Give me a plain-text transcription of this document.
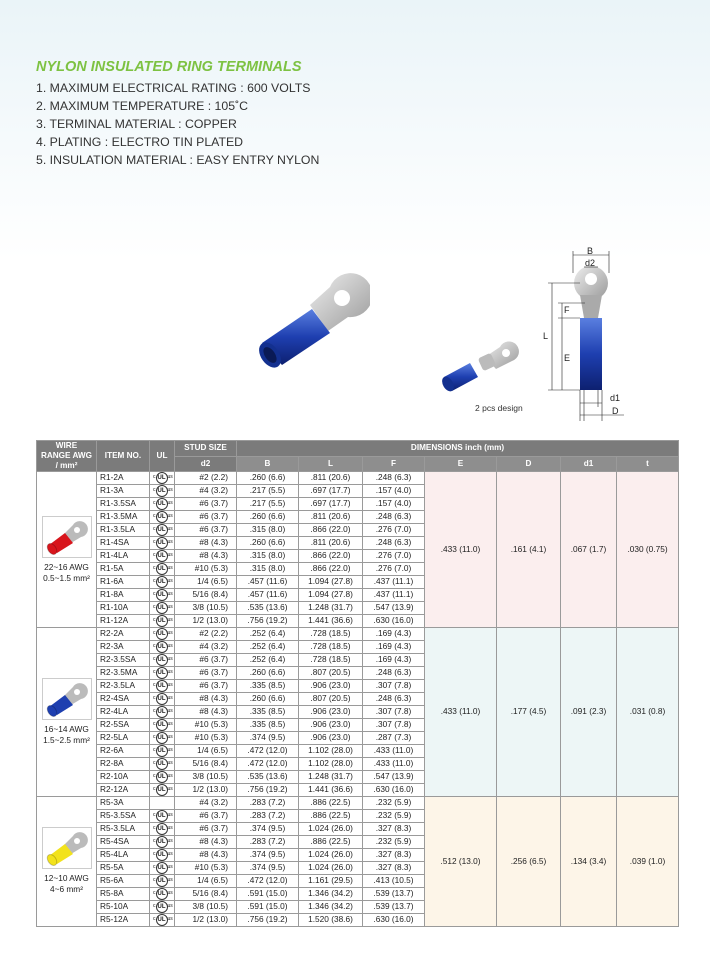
NYLON INSULATED RING TERMINALS
1. MAXIMUM ELECTRICAL RATING : 600 VOLTS
2. MAXIMUM TEMPERATURE : 105˚C
3. TERMINAL MATERIAL : COPPER
4. PLATING : ELECTRO TIN PLATED
5. INSULATION MATERIAL : EASY ENTRY NYLON
2 pcs design
B
d2
L
F
E
d1
D
WIRE RANGE AWG / mm²	ITEM NO.	UL	STUD SIZE	DIMENSIONS inch (mm)						
			d2	B	L	F	E	D	d1	t

22~16 AWG
0.5~1.5 mm²	R1-2A	c UL us	#2 (2.2)	.260 (6.6)	.811 (20.6)	.248 (6.3)	.433 (11.0)	.161 (4.1)	.067 (1.7)	.030 (0.75)
	R1-3A	c UL us	#4 (3.2)	.217 (5.5)	.697 (17.7)	.157 (4.0)				
	R1-3.5SA	c UL us	#6 (3.7)	.217 (5.5)	.697 (17.7)	.157 (4.0)				
	R1-3.5MA	c UL us	#6 (3.7)	.260 (6.6)	.811 (20.6)	.248 (6.3)				
	R1-3.5LA	c UL us	#6 (3.7)	.315 (8.0)	.866 (22.0)	.276 (7.0)				
	R1-4SA	c UL us	#8 (4.3)	.260 (6.6)	.811 (20.6)	.248 (6.3)				
	R1-4LA	c UL us	#8 (4.3)	.315 (8.0)	.866 (22.0)	.276 (7.0)				
	R1-5A	c UL us	#10 (5.3)	.315 (8.0)	.866 (22.0)	.276 (7.0)				
	R1-6A	c UL us	1/4 (6.5)	.457 (11.6)	1.094 (27.8)	.437 (11.1)				
	R1-8A	c UL us	5/16 (8.4)	.457 (11.6)	1.094 (27.8)	.437 (11.1)				
	R1-10A	c UL us	3/8 (10.5)	.535 (13.6)	1.248 (31.7)	.547 (13.9)				
	R1-12A	c UL us	1/2 (13.0)	.756 (19.2)	1.441 (36.6)	.630 (16.0)				

16~14 AWG
1.5~2.5 mm²	R2-2A	c UL us	#2 (2.2)	.252 (6.4)	.728 (18.5)	.169 (4.3)	.433 (11.0)	.177 (4.5)	.091 (2.3)	.031 (0.8)
	R2-3A	c UL us	#4 (3.2)	.252 (6.4)	.728 (18.5)	.169 (4.3)				
	R2-3.5SA	c UL us	#6 (3.7)	.252 (6.4)	.728 (18.5)	.169 (4.3)				
	R2-3.5MA	c UL us	#6 (3.7)	.260 (6.6)	.807 (20.5)	.248 (6.3)				
	R2-3.5LA	c UL us	#6 (3.7)	.335 (8.5)	.906 (23.0)	.307 (7.8)				
	R2-4SA	c UL us	#8 (4.3)	.260 (6.6)	.807 (20.5)	.248 (6.3)				
	R2-4LA	c UL us	#8 (4.3)	.335 (8.5)	.906 (23.0)	.307 (7.8)				
	R2-5SA	c UL us	#10 (5.3)	.335 (8.5)	.906 (23.0)	.307 (7.8)				
	R2-5LA	c UL us	#10 (5.3)	.374 (9.5)	.906 (23.0)	.287 (7.3)				
	R2-6A	c UL us	1/4 (6.5)	.472 (12.0)	1.102 (28.0)	.433 (11.0)				
	R2-8A	c UL us	5/16 (8.4)	.472 (12.0)	1.102 (28.0)	.433 (11.0)				
	R2-10A	c UL us	3/8 (10.5)	.535 (13.6)	1.248 (31.7)	.547 (13.9)				
	R2-12A	c UL us	1/2 (13.0)	.756 (19.2)	1.441 (36.6)	.630 (16.0)				

12~10 AWG
4~6 mm²	R5-3A		#4 (3.2)	.283 (7.2)	.886 (22.5)	.232 (5.9)	.512 (13.0)	.256 (6.5)	.134 (3.4)	.039 (1.0)
	R5-3.5SA	c UL us	#6 (3.7)	.283 (7.2)	.886 (22.5)	.232 (5.9)				
	R5-3.5LA	c UL us	#6 (3.7)	.374 (9.5)	1.024 (26.0)	.327 (8.3)				
	R5-4SA	c UL us	#8 (4.3)	.283 (7.2)	.886 (22.5)	.232 (5.9)				
	R5-4LA	c UL us	#8 (4.3)	.374 (9.5)	1.024 (26.0)	.327 (8.3)				
	R5-5A	c UL us	#10 (5.3)	.374 (9.5)	1.024 (26.0)	.327 (8.3)				
	R5-6A	c UL us	1/4 (6.5)	.472 (12.0)	1.161 (29.5)	.413 (10.5)				
	R5-8A	c UL us	5/16 (8.4)	.591 (15.0)	1.346 (34.2)	.539 (13.7)				
	R5-10A	c UL us	3/8 (10.5)	.591 (15.0)	1.346 (34.2)	.539 (13.7)				
	R5-12A	c UL us	1/2 (13.0)	.756 (19.2)	1.520 (38.6)	.630 (16.0)				
